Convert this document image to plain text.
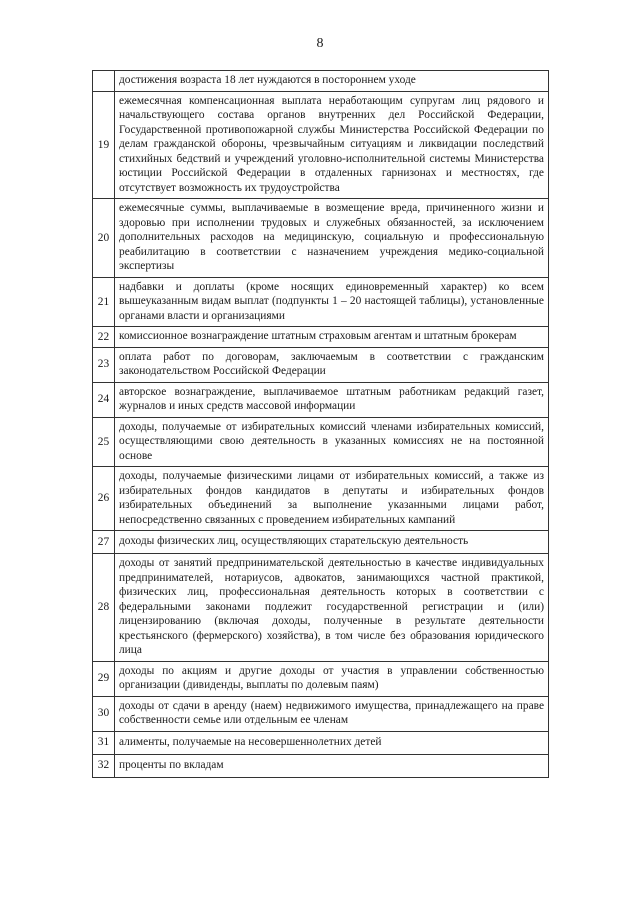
8
	достижения возраста 18 лет нуждаются в постороннем уходе
19	ежемесячная компенсационная выплата неработающим супругам лиц рядового и начальствующего состава органов внутренних дел Российской Федерации, Государственной противопожарной службы Министерства Российской Федерации по делам гражданской обороны, чрезвычайным ситуациям и ликвидации последствий стихийных бедствий и учреждений уголовно-исполнительной системы Министерства юстиции Российской Федерации в отдаленных гарнизонах и местностях, где отсутствует возможность их трудоустройства
20	ежемесячные суммы, выплачиваемые в возмещение вреда, причиненного жизни и здоровью при исполнении трудовых и служебных обязанностей, за исключением дополнительных расходов на медицинскую, социальную и профессиональную реабилитацию в соответствии с назначением учреждения медико-социальной экспертизы
21	надбавки и доплаты (кроме носящих единовременный характер) ко всем вышеуказанным видам выплат (подпункты 1 – 20 настоящей таблицы), установленные органами власти и организациями
22	комиссионное вознаграждение штатным страховым агентам и штатным брокерам
23	оплата работ по договорам, заключаемым в соответствии с гражданским законодательством Российской Федерации
24	авторское вознаграждение, выплачиваемое штатным работникам редакций газет, журналов и иных средств массовой информации
25	доходы, получаемые от избирательных комиссий членами избирательных комиссий, осуществляющими свою деятельность в указанных комиссиях не на постоянной основе
26	доходы, получаемые физическими лицами от избирательных комиссий, а также из избирательных фондов кандидатов в депутаты и избирательных фондов избирательных объединений за выполнение указанными лицами работ, непосредственно связанных с проведением избирательных кампаний
27	доходы физических лиц, осуществляющих старательскую деятельность
28	доходы от занятий предпринимательской деятельностью в качестве индивидуальных предпринимателей, нотариусов, адвокатов, занимающихся частной практикой, физических лиц, профессиональная деятельность которых в соответствии с федеральными законами подлежит государственной регистрации и (или) лицензированию (включая доходы, полученные в результате деятельности крестьянского (фермерского) хозяйства), в том числе без образования юридического лица
29	доходы по акциям и другие доходы от участия в управлении собственностью организации (дивиденды, выплаты по долевым паям)
30	доходы от сдачи в аренду (наем) недвижимого имущества, принадлежащего на праве собственности семье или отдельным ее членам
31	алименты, получаемые на несовершеннолетних детей
32	проценты по вкладам
